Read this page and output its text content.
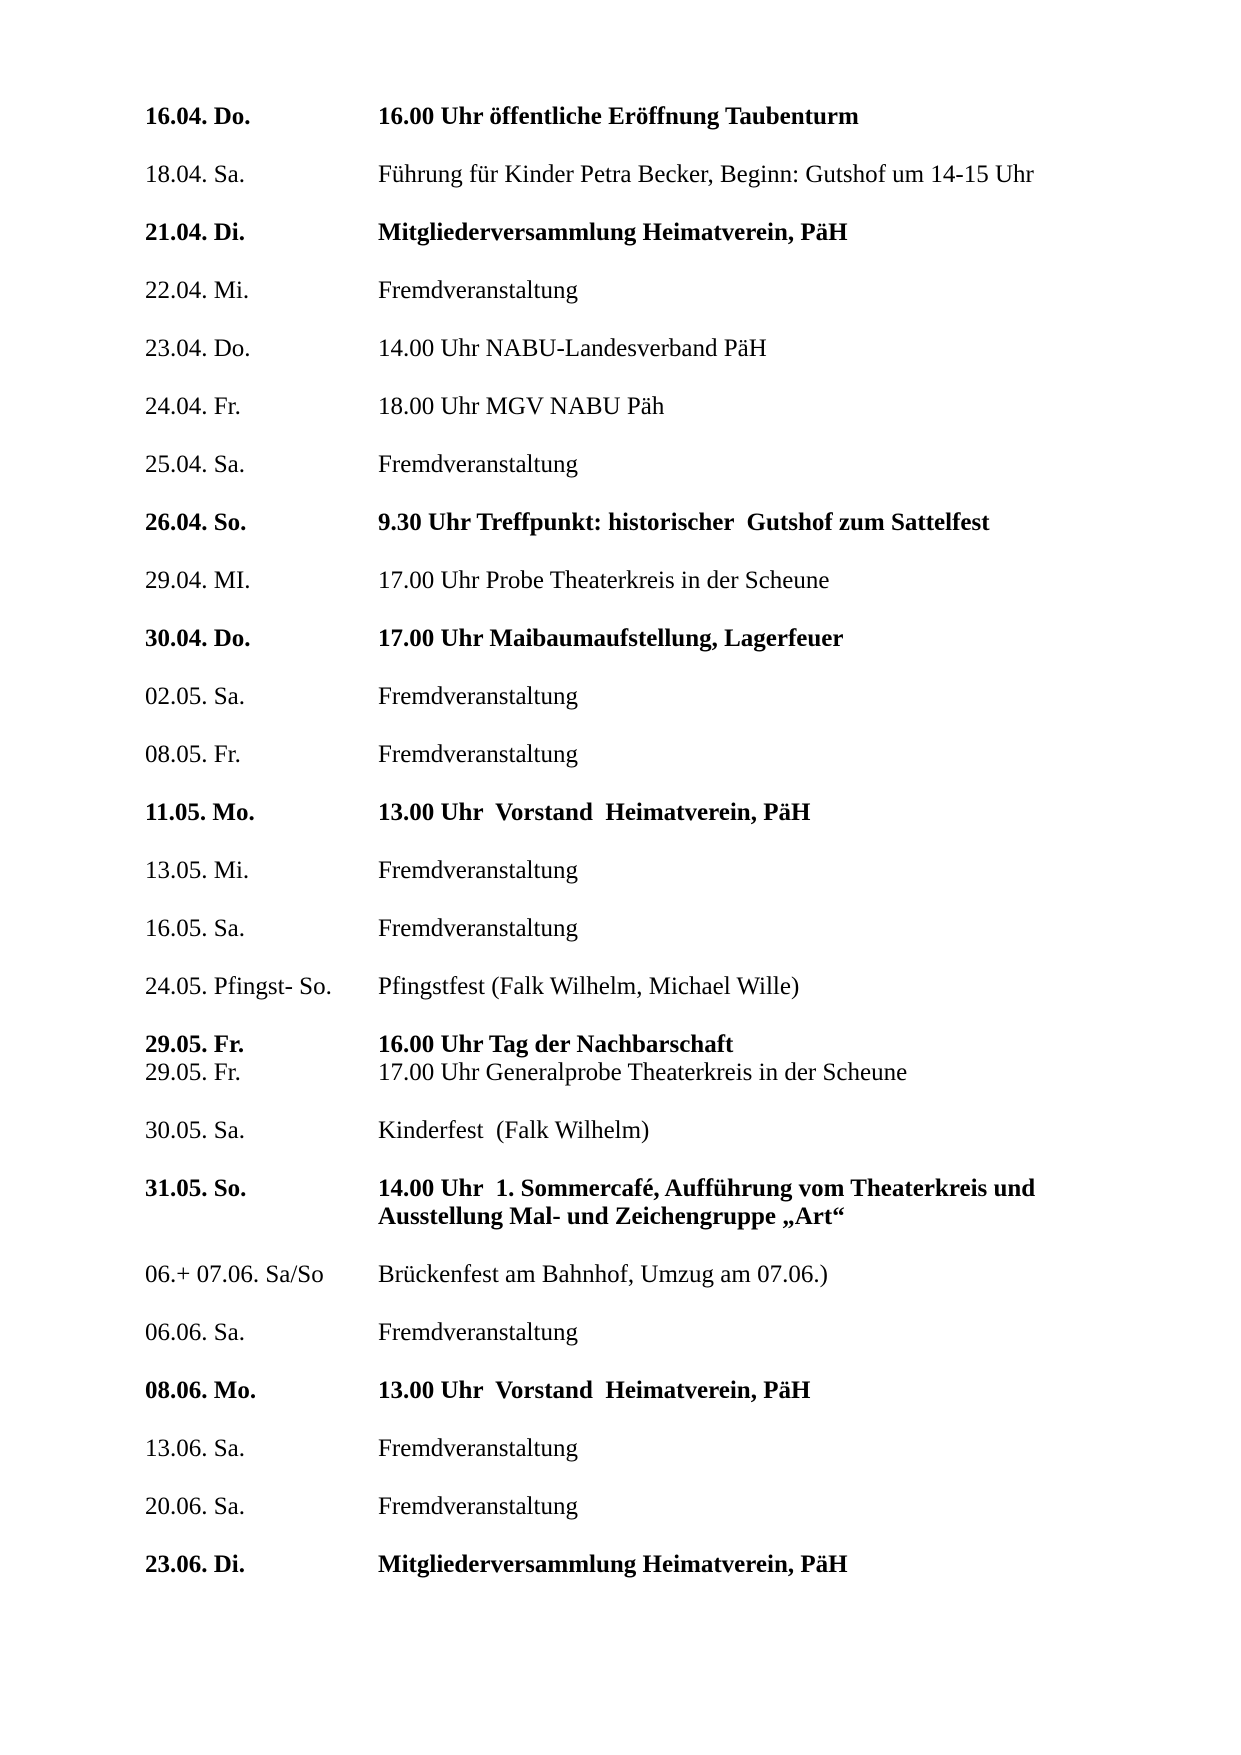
16.04. Do.	16.00 Uhr öffentliche Eröffnung Taubenturm
18.04. Sa.	Führung für Kinder Petra Becker, Beginn: Gutshof um 14-15 Uhr
21.04. Di.	Mitgliederversammlung Heimatverein, PäH
22.04. Mi.	Fremdveranstaltung
23.04. Do.	14.00 Uhr NABU-Landesverband PäH
24.04. Fr.	18.00 Uhr MGV NABU Päh
25.04. Sa.	Fremdveranstaltung
26.04. So.	9.30 Uhr Treffpunkt: historischer  Gutshof zum Sattelfest
29.04. MI.	17.00 Uhr Probe Theaterkreis in der Scheune
30.04. Do.	17.00 Uhr Maibaumaufstellung, Lagerfeuer
02.05. Sa.	Fremdveranstaltung
08.05. Fr.	Fremdveranstaltung
11.05. Mo.	13.00 Uhr  Vorstand  Heimatverein, PäH
13.05. Mi.	Fremdveranstaltung
16.05. Sa.	Fremdveranstaltung
24.05. Pfingst- So.	Pfingstfest (Falk Wilhelm, Michael Wille)
29.05. Fr.	16.00 Uhr Tag der Nachbarschaft
29.05. Fr.	17.00 Uhr Generalprobe Theaterkreis in der Scheune
30.05. Sa.	Kinderfest  (Falk Wilhelm)
31.05. So.	14.00 Uhr  1. Sommercafé, Aufführung vom Theaterkreis und
Ausstellung Mal- und Zeichengruppe „Art“
06.+ 07.06. Sa/So	Brückenfest am Bahnhof, Umzug am 07.06.)
06.06. Sa.	Fremdveranstaltung
08.06. Mo.	13.00 Uhr  Vorstand  Heimatverein, PäH
13.06. Sa.	Fremdveranstaltung
20.06. Sa.	Fremdveranstaltung
23.06. Di.	Mitgliederversammlung Heimatverein, PäH
